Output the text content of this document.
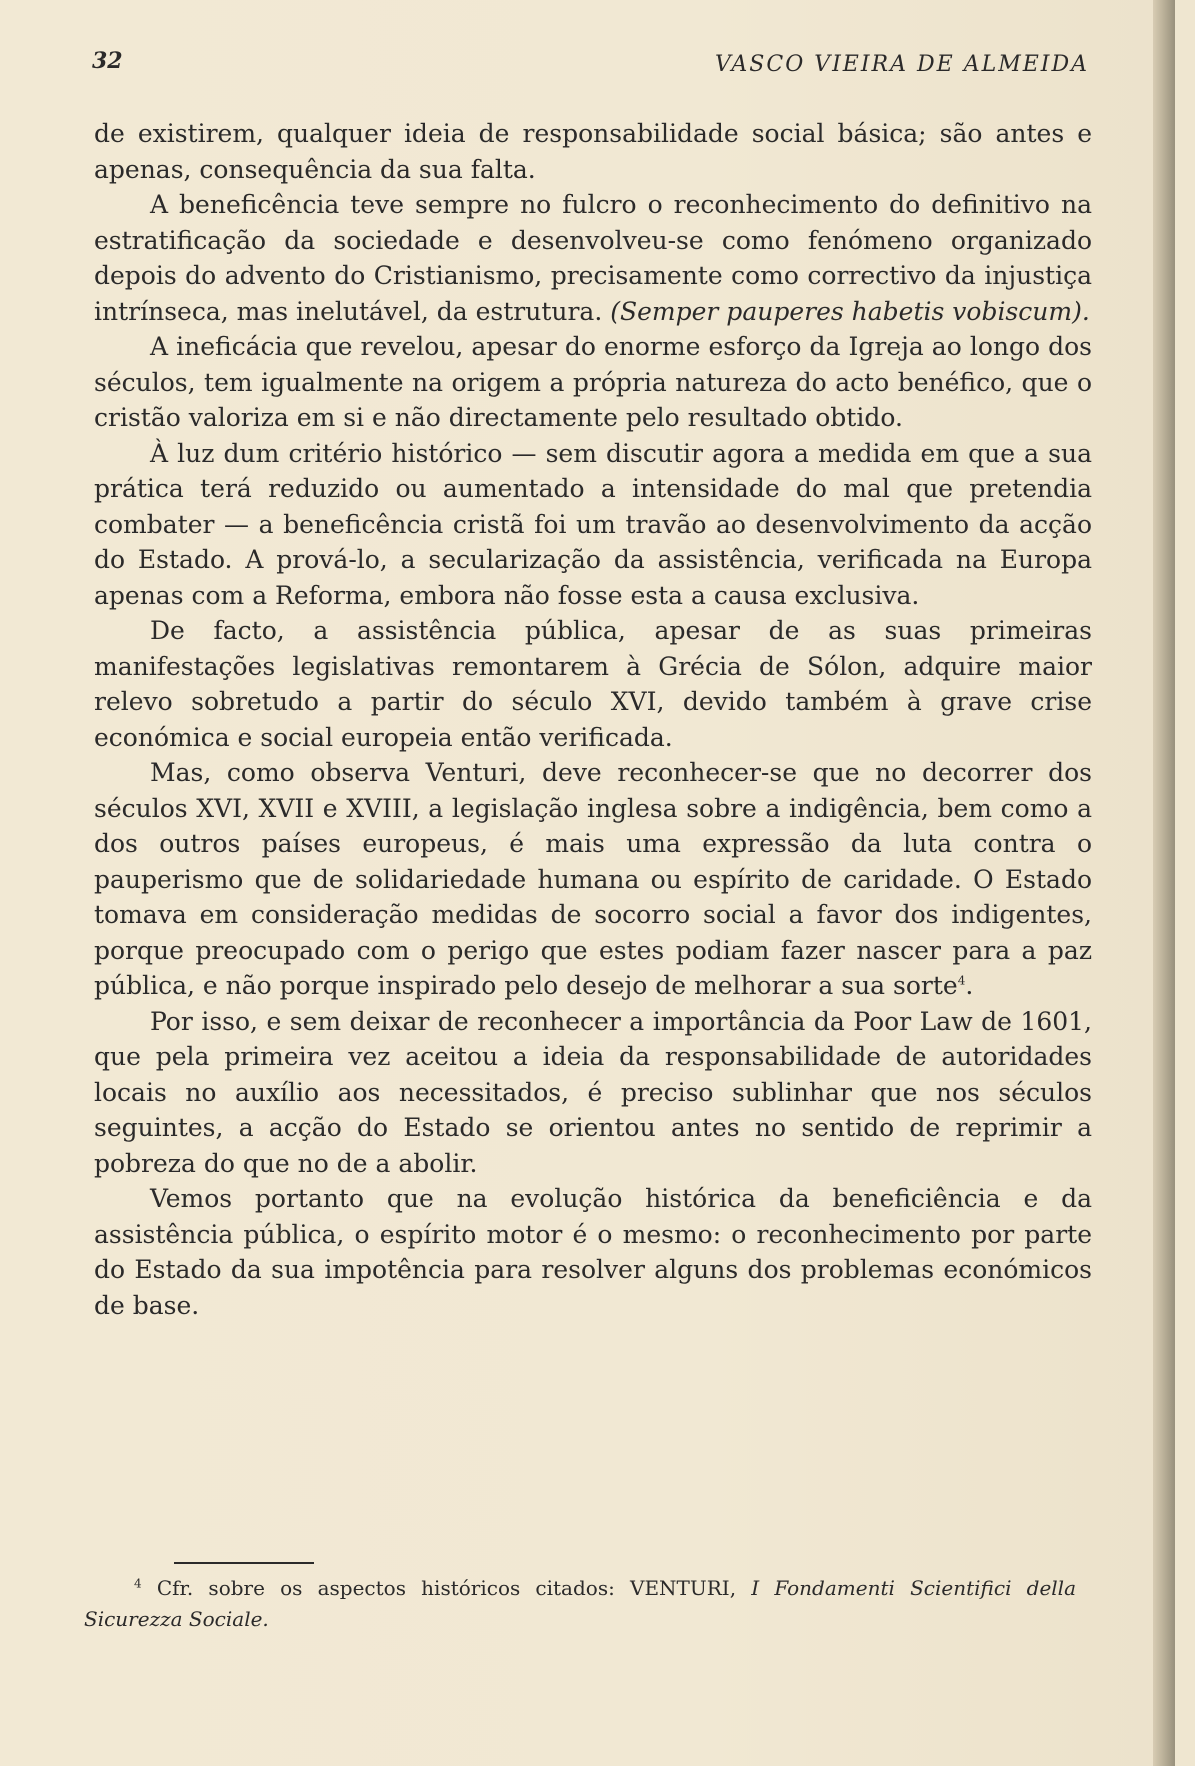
32	VASCO VIEIRA DE ALMEIDA

de existirem, qualquer ideia de responsabilidade social básica; são antes e apenas, consequência da sua falta.

A beneficência teve sempre no fulcro o reconhecimento do definitivo na estratificação da sociedade e desenvolveu-se como fenómeno organizado depois do advento do Cristianismo, precisamente como correctivo da injustiça intrínseca, mas inelutável, da estrutura. (Semper pauperes habetis vobiscum).

A ineficácia que revelou, apesar do enorme esforço da Igreja ao longo dos séculos, tem igualmente na origem a própria natureza do acto benéfico, que o cristão valoriza em si e não directamente pelo resultado obtido.

À luz dum critério histórico — sem discutir agora a medida em que a sua prática terá reduzido ou aumentado a intensidade do mal que pretendia combater — a beneficência cristã foi um travão ao desenvolvimento da acção do Estado. A prová-lo, a secularização da assistência, verificada na Europa apenas com a Reforma, embora não fosse esta a causa exclusiva.

De facto, a assistência pública, apesar de as suas primeiras manifestações legislativas remontarem à Grécia de Sólon, adquire maior relevo sobretudo a partir do século XVI, devido também à grave crise económica e social europeia então verificada.

Mas, como observa Venturi, deve reconhecer-se que no decorrer dos séculos XVI, XVII e XVIII, a legislação inglesa sobre a indigência, bem como a dos outros países europeus, é mais uma expressão da luta contra o pauperismo que de solidariedade humana ou espírito de caridade. O Estado tomava em consideração medidas de socorro social a favor dos indigentes, porque preocupado com o perigo que estes podiam fazer nascer para a paz pública, e não porque inspirado pelo desejo de melhorar a sua sorte$^4$.

Por isso, e sem deixar de reconhecer a importância da Poor Law de 1601, que pela primeira vez aceitou a ideia da responsabilidade de autoridades locais no auxílio aos necessitados, é preciso sublinhar que nos séculos seguintes, a acção do Estado se orientou antes no sentido de reprimir a pobreza do que no de a abolir.

Vemos portanto que na evolução histórica da beneficiência e da assistência pública, o espírito motor é o mesmo: o reconhecimento por parte do Estado da sua impotência para resolver alguns dos problemas económicos de base.

$^4$ Cfr. sobre os aspectos históricos citados: VENTURI, I Fondamenti Scientifici della Sicurezza Sociale.
